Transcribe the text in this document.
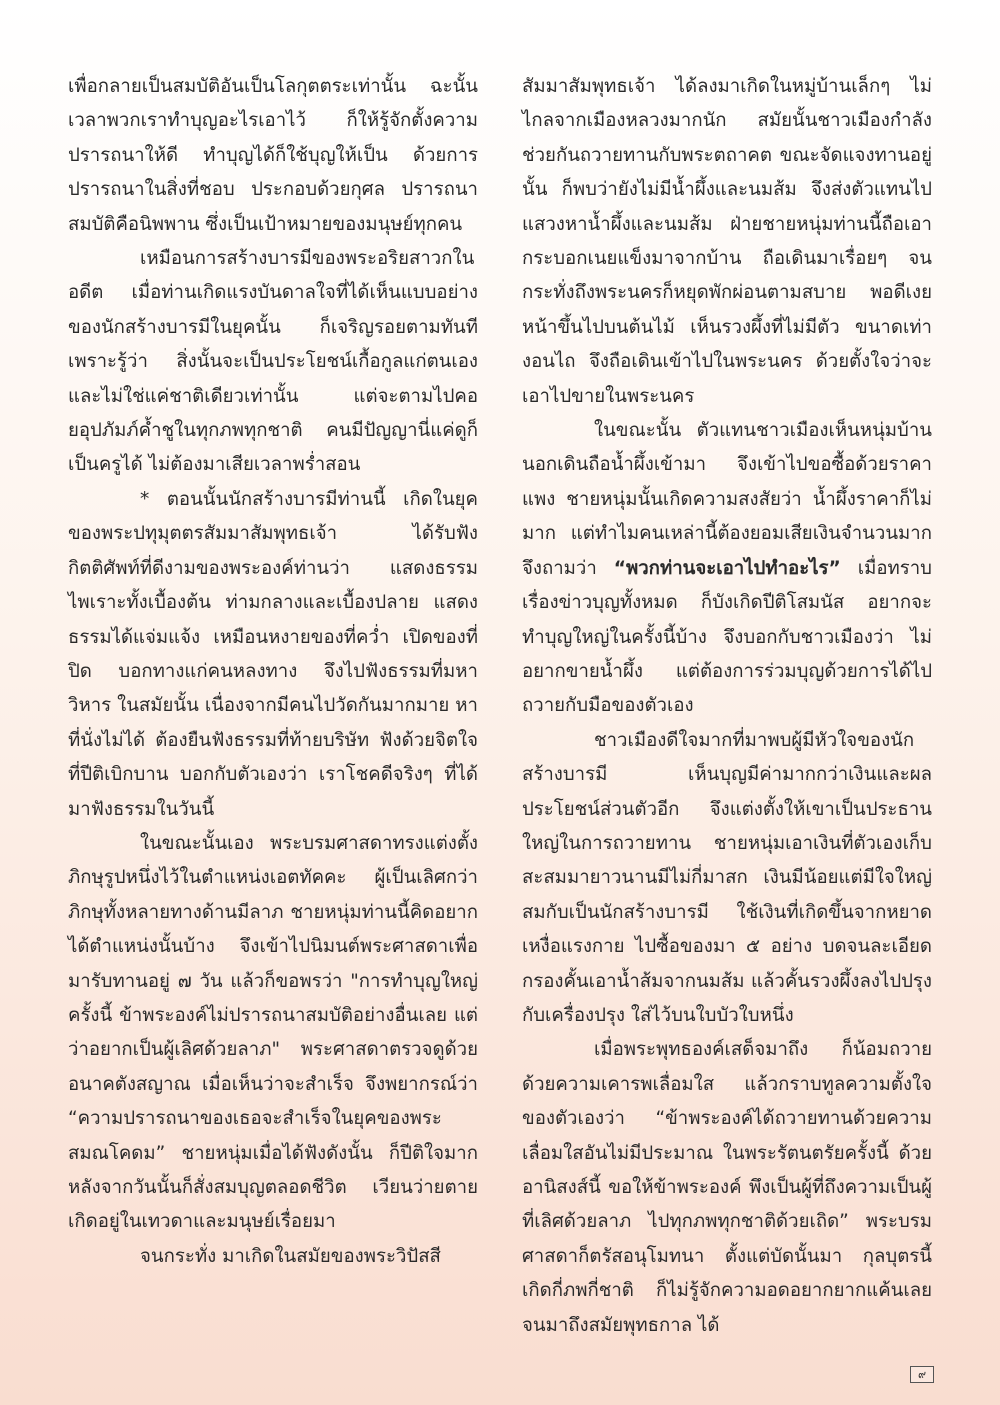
เพื่อกลายเป็นสมบัติอันเป็นโลกุตตระเท่านั้น ฉะนั้น เวลาพวกเราทำบุญอะไรเอาไว้ ก็ให้รู้จักตั้งความปรารถนาให้ดี ทำบุญได้ก็ใช้บุญให้เป็น ด้วยการปรารถนาในสิ่งที่ชอบ ประกอบด้วยกุศล ปรารถนาสมบัติคือนิพพาน ซึ่งเป็นเป้าหมายของมนุษย์ทุกคน

เหมือนการสร้างบารมีของพระอริยสาวกในอดีต เมื่อท่านเกิดแรงบันดาลใจที่ได้เห็นแบบอย่างของนักสร้างบารมีในยุคนั้น ก็เจริญรอยตามทันที เพราะรู้ว่า สิ่งนั้นจะเป็นประโยชน์เกื้อกูลแก่ตนเอง และไม่ใช่แค่ชาติเดียวเท่านั้น แต่จะตามไปคอยอุปภัมภ์ค้ำชูในทุกภพทุกชาติ คนมีปัญญานี่แค่ดูก็เป็นครูได้ ไม่ต้องมาเสียเวลาพร่ำสอน

* ตอนนั้นนักสร้างบารมีท่านนี้ เกิดในยุคของพระปทุมุตตรสัมมาสัมพุทธเจ้า ได้รับฟังกิตติศัพท์ที่ดีงามของพระองค์ท่านว่า แสดงธรรมไพเราะทั้งเบื้องต้น ท่ามกลางและเบื้องปลาย แสดงธรรมได้แจ่มแจ้ง เหมือนหงายของที่คว่ำ เปิดของที่ปิด บอกทางแก่คนหลงทาง จึงไปฟังธรรมที่มหาวิหาร ในสมัยนั้น เนื่องจากมีคนไปวัดกันมากมาย หาที่นั่งไม่ได้ ต้องยืนฟังธรรมที่ท้ายบริษัท ฟังด้วยจิตใจที่ปีติเบิกบาน บอกกับตัวเองว่า เราโชคดีจริงๆ ที่ได้มาฟังธรรมในวันนี้

ในขณะนั้นเอง พระบรมศาสดาทรงแต่งตั้งภิกษุรูปหนึ่งไว้ในตำแหน่งเอตทัคคะ ผู้เป็นเลิศกว่าภิกษุทั้งหลายทางด้านมีลาภ ชายหนุ่มท่านนี้คิดอยากได้ตำแหน่งนั้นบ้าง จึงเข้าไปนิมนต์พระศาสดาเพื่อมารับทานอยู่ ๗ วัน แล้วก็ขอพรว่า "การทำบุญใหญ่ครั้งนี้ ข้าพระองค์ไม่ปรารถนาสมบัติอย่างอื่นเลย แต่ว่าอยากเป็นผู้เลิศด้วยลาภ" พระศาสดาตรวจดูด้วยอนาคตังสญาณ เมื่อเห็นว่าจะสำเร็จ จึงพยากรณ์ว่า “ความปรารถนาของเธอจะสำเร็จในยุคของพระสมณโคดม” ชายหนุ่มเมื่อได้ฟังดังนั้น ก็ปีติใจมาก หลังจากวันนั้นก็สั่งสมบุญตลอดชีวิต เวียนว่ายตายเกิดอยู่ในเทวดาและมนุษย์เรื่อยมา

จนกระทั่ง มาเกิดในสมัยของพระวิปัสสี

สัมมาสัมพุทธเจ้า ได้ลงมาเกิดในหมู่บ้านเล็กๆ ไม่ไกลจากเมืองหลวงมากนัก สมัยนั้นชาวเมืองกำลังช่วยกันถวายทานกับพระตถาคต ขณะจัดแจงทานอยู่นั้น ก็พบว่ายังไม่มีน้ำผึ้งและนมส้ม จึงส่งตัวแทนไปแสวงหาน้ำผึ้งและนมส้ม ฝ่ายชายหนุ่มท่านนี้ถือเอากระบอกเนยแข็งมาจากบ้าน ถือเดินมาเรื่อยๆ จนกระทั่งถึงพระนครก็หยุดพักผ่อนตามสบาย พอดีเงยหน้าขึ้นไปบนต้นไม้ เห็นรวงผึ้งที่ไม่มีตัว ขนาดเท่างอนไถ จึงถือเดินเข้าไปในพระนคร ด้วยตั้งใจว่าจะเอาไปขายในพระนคร

ในขณะนั้น ตัวแทนชาวเมืองเห็นหนุ่มบ้านนอกเดินถือน้ำผึ้งเข้ามา จึงเข้าไปขอซื้อด้วยราคาแพง ชายหนุ่มนั้นเกิดความสงสัยว่า น้ำผึ้งราคาก็ไม่มาก แต่ทำไมคนเหล่านี้ต้องยอมเสียเงินจำนวนมาก จึงถามว่า “พวกท่านจะเอาไปทำอะไร” เมื่อทราบเรื่องข่าวบุญทั้งหมด ก็บังเกิดปีติโสมนัส อยากจะทำบุญใหญ่ในครั้งนี้บ้าง จึงบอกกับชาวเมืองว่า ไม่อยากขายน้ำผึ้ง แต่ต้องการร่วมบุญด้วยการได้ไปถวายกับมือของตัวเอง

ชาวเมืองดีใจมากที่มาพบผู้มีหัวใจของนักสร้างบารมี เห็นบุญมีค่ามากกว่าเงินและผลประโยชน์ส่วนตัวอีก จึงแต่งตั้งให้เขาเป็นประธานใหญ่ในการถวายทาน ชายหนุ่มเอาเงินที่ตัวเองเก็บสะสมมายาวนานมีไม่กี่มาสก เงินมีน้อยแต่มีใจใหญ่สมกับเป็นนักสร้างบารมี ใช้เงินที่เกิดขึ้นจากหยาดเหงื่อแรงกาย ไปซื้อของมา ๕ อย่าง บดจนละเอียด กรองคั้นเอาน้ำส้มจากนมส้ม แล้วคั้นรวงผึ้งลงไปปรุงกับเครื่องปรุง ใส่ไว้บนใบบัวใบหนึ่ง

เมื่อพระพุทธองค์เสด็จมาถึง ก็น้อมถวายด้วยความเคารพเลื่อมใส แล้วกราบทูลความตั้งใจของตัวเองว่า “ข้าพระองค์ได้ถวายทานด้วยความเลื่อมใสอันไม่มีประมาณ ในพระรัตนตรัยครั้งนี้ ด้วยอานิสงส์นี้ ขอให้ข้าพระองค์ พึงเป็นผู้ที่ถึงความเป็นผู้ที่เลิศด้วยลาภ ไปทุกภพทุกชาติด้วยเถิด” พระบรมศาสดาก็ตรัสอนุโมทนา ตั้งแต่บัดนั้นมา กุลบุตรนี้เกิดกี่ภพกี่ชาติ ก็ไม่รู้จักความอดอยากยากแค้นเลย จนมาถึงสมัยพุทธกาล ได้

๙
